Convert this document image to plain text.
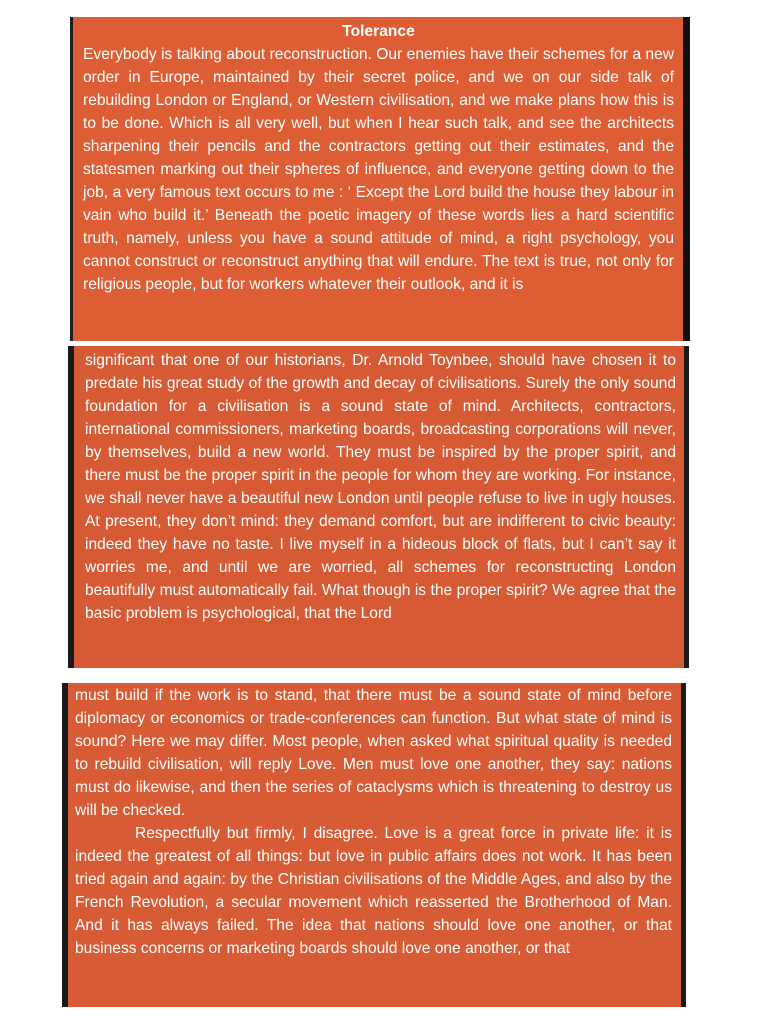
Tolerance

Everybody is talking about reconstruction. Our enemies have their schemes for a new order in Europe, maintained by their secret police, and we on our side talk of rebuilding London or England, or Western civilisation, and we make plans how this is to be done. Which is all very well, but when I hear such talk, and see the architects sharpening their pencils and the contractors getting out their estimates, and the statesmen marking out their spheres of influence, and everyone getting down to the job, a very famous text occurs to me : ‘ Except the Lord build the house they labour in vain who build it.’ Beneath the poetic imagery of these words lies a hard scientific truth, namely, unless you have a sound attitude of mind, a right psychology, you cannot construct or reconstruct anything that will endure. The text is true, not only for religious people, but for workers whatever their outlook, and it is

significant that one of our historians, Dr. Arnold Toynbee, should have chosen it to predate his great study of the growth and decay of civilisations. Surely the only sound foundation for a civilisation is a sound state of mind. Architects, contractors, international commissioners, marketing boards, broadcasting corporations will never, by themselves, build a new world. They must be inspired by the proper spirit, and there must be the proper spirit in the people for whom they are working. For instance, we shall never have a beautiful new London until people refuse to live in ugly houses. At present, they don’t mind: they demand comfort, but are indifferent to civic beauty: indeed they have no taste. I live myself in a hideous block of flats, but I can’t say it worries me, and until we are worried, all schemes for reconstructing London beautifully must automatically fail. What though is the proper spirit? We agree that the basic problem is psychological, that the Lord

must build if the work is to stand, that there must be a sound state of mind before diplomacy or economics or trade-conferences can function. But what state of mind is sound? Here we may differ. Most people, when asked what spiritual quality is needed to rebuild civilisation, will reply Love. Men must love one another, they say: nations must do likewise, and then the series of cataclysms which is threatening to destroy us will be checked.

Respectfully but firmly, I disagree. Love is a great force in private life: it is indeed the greatest of all things: but love in public affairs does not work. It has been tried again and again: by the Christian civilisations of the Middle Ages, and also by the French Revolution, a secular movement which reasserted the Brotherhood of Man. And it has always failed. The idea that nations should love one another, or that business concerns or marketing boards should love one another, or that
